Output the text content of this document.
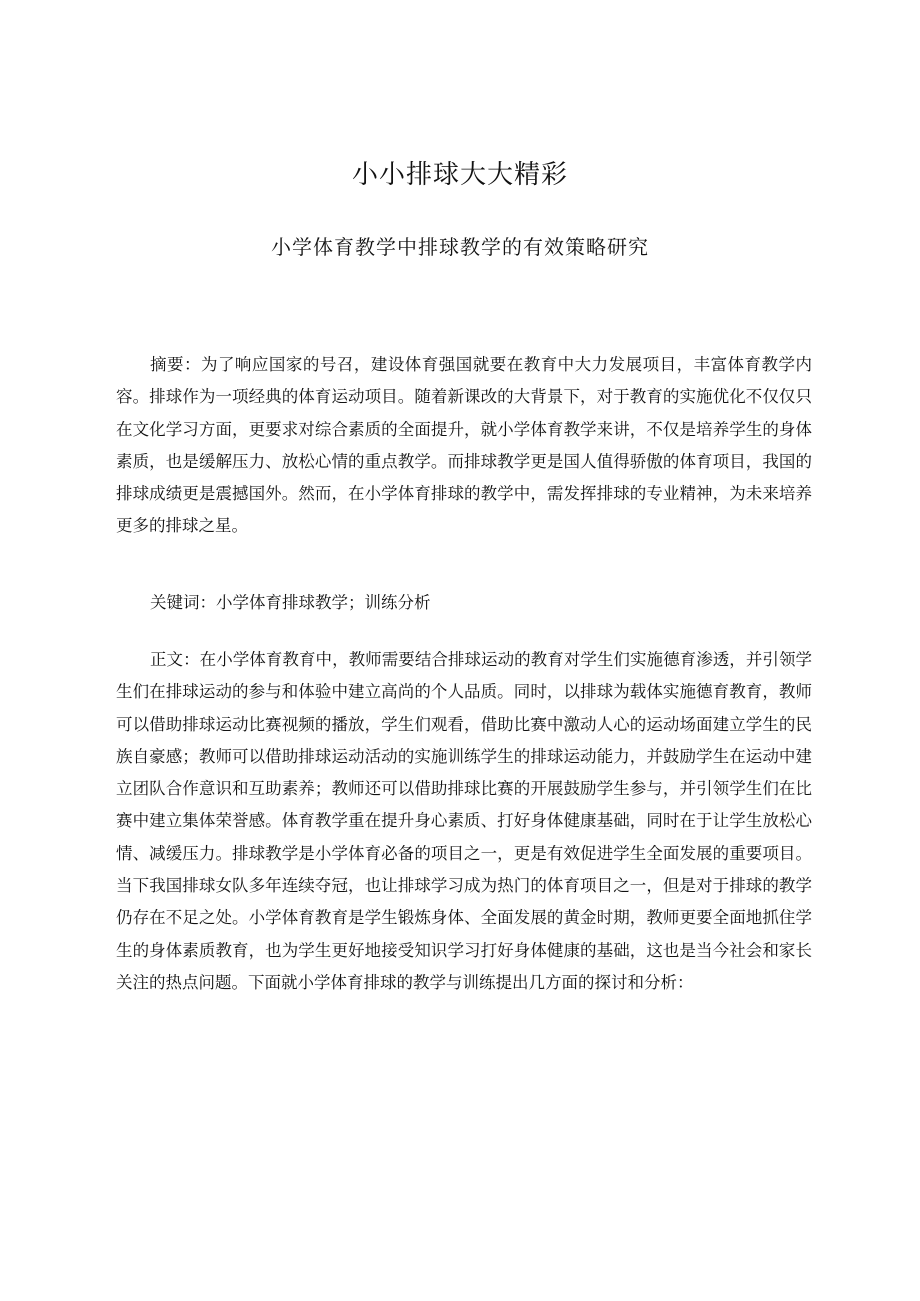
小小排球大大精彩
小学体育教学中排球教学的有效策略研究

摘要：为了响应国家的号召，建设体育强国就要在教育中大力发展项目，丰富体育教学内容。排球作为一项经典的体育运动项目。随着新课改的大背景下，对于教育的实施优化不仅仅只在文化学习方面，更要求对综合素质的全面提升，就小学体育教学来讲，不仅是培养学生的身体素质，也是缓解压力、放松心情的重点教学。而排球教学更是国人值得骄傲的体育项目，我国的排球成绩更是震撼国外。然而，在小学体育排球的教学中，需发挥排球的专业精神，为未来培养更多的排球之星。

关键词：小学体育排球教学；训练分析

正文：在小学体育教育中，教师需要结合排球运动的教育对学生们实施德育渗透，并引领学生们在排球运动的参与和体验中建立高尚的个人品质。同时，以排球为载体实施德育教育，教师可以借助排球运动比赛视频的播放，学生们观看，借助比赛中激动人心的运动场面建立学生的民族自豪感；教师可以借助排球运动活动的实施训练学生的排球运动能力，并鼓励学生在运动中建立团队合作意识和互助素养；教师还可以借助排球比赛的开展鼓励学生参与，并引领学生们在比赛中建立集体荣誉感。体育教学重在提升身心素质、打好身体健康基础，同时在于让学生放松心情、减缓压力。排球教学是小学体育必备的项目之一，更是有效促进学生全面发展的重要项目。当下我国排球女队多年连续夺冠，也让排球学习成为热门的体育项目之一，但是对于排球的教学仍存在不足之处。小学体育教育是学生锻炼身体、全面发展的黄金时期，教师更要全面地抓住学生的身体素质教育，也为学生更好地接受知识学习打好身体健康的基础，这也是当今社会和家长关注的热点问题。下面就小学体育排球的教学与训练提出几方面的探讨和分析：
